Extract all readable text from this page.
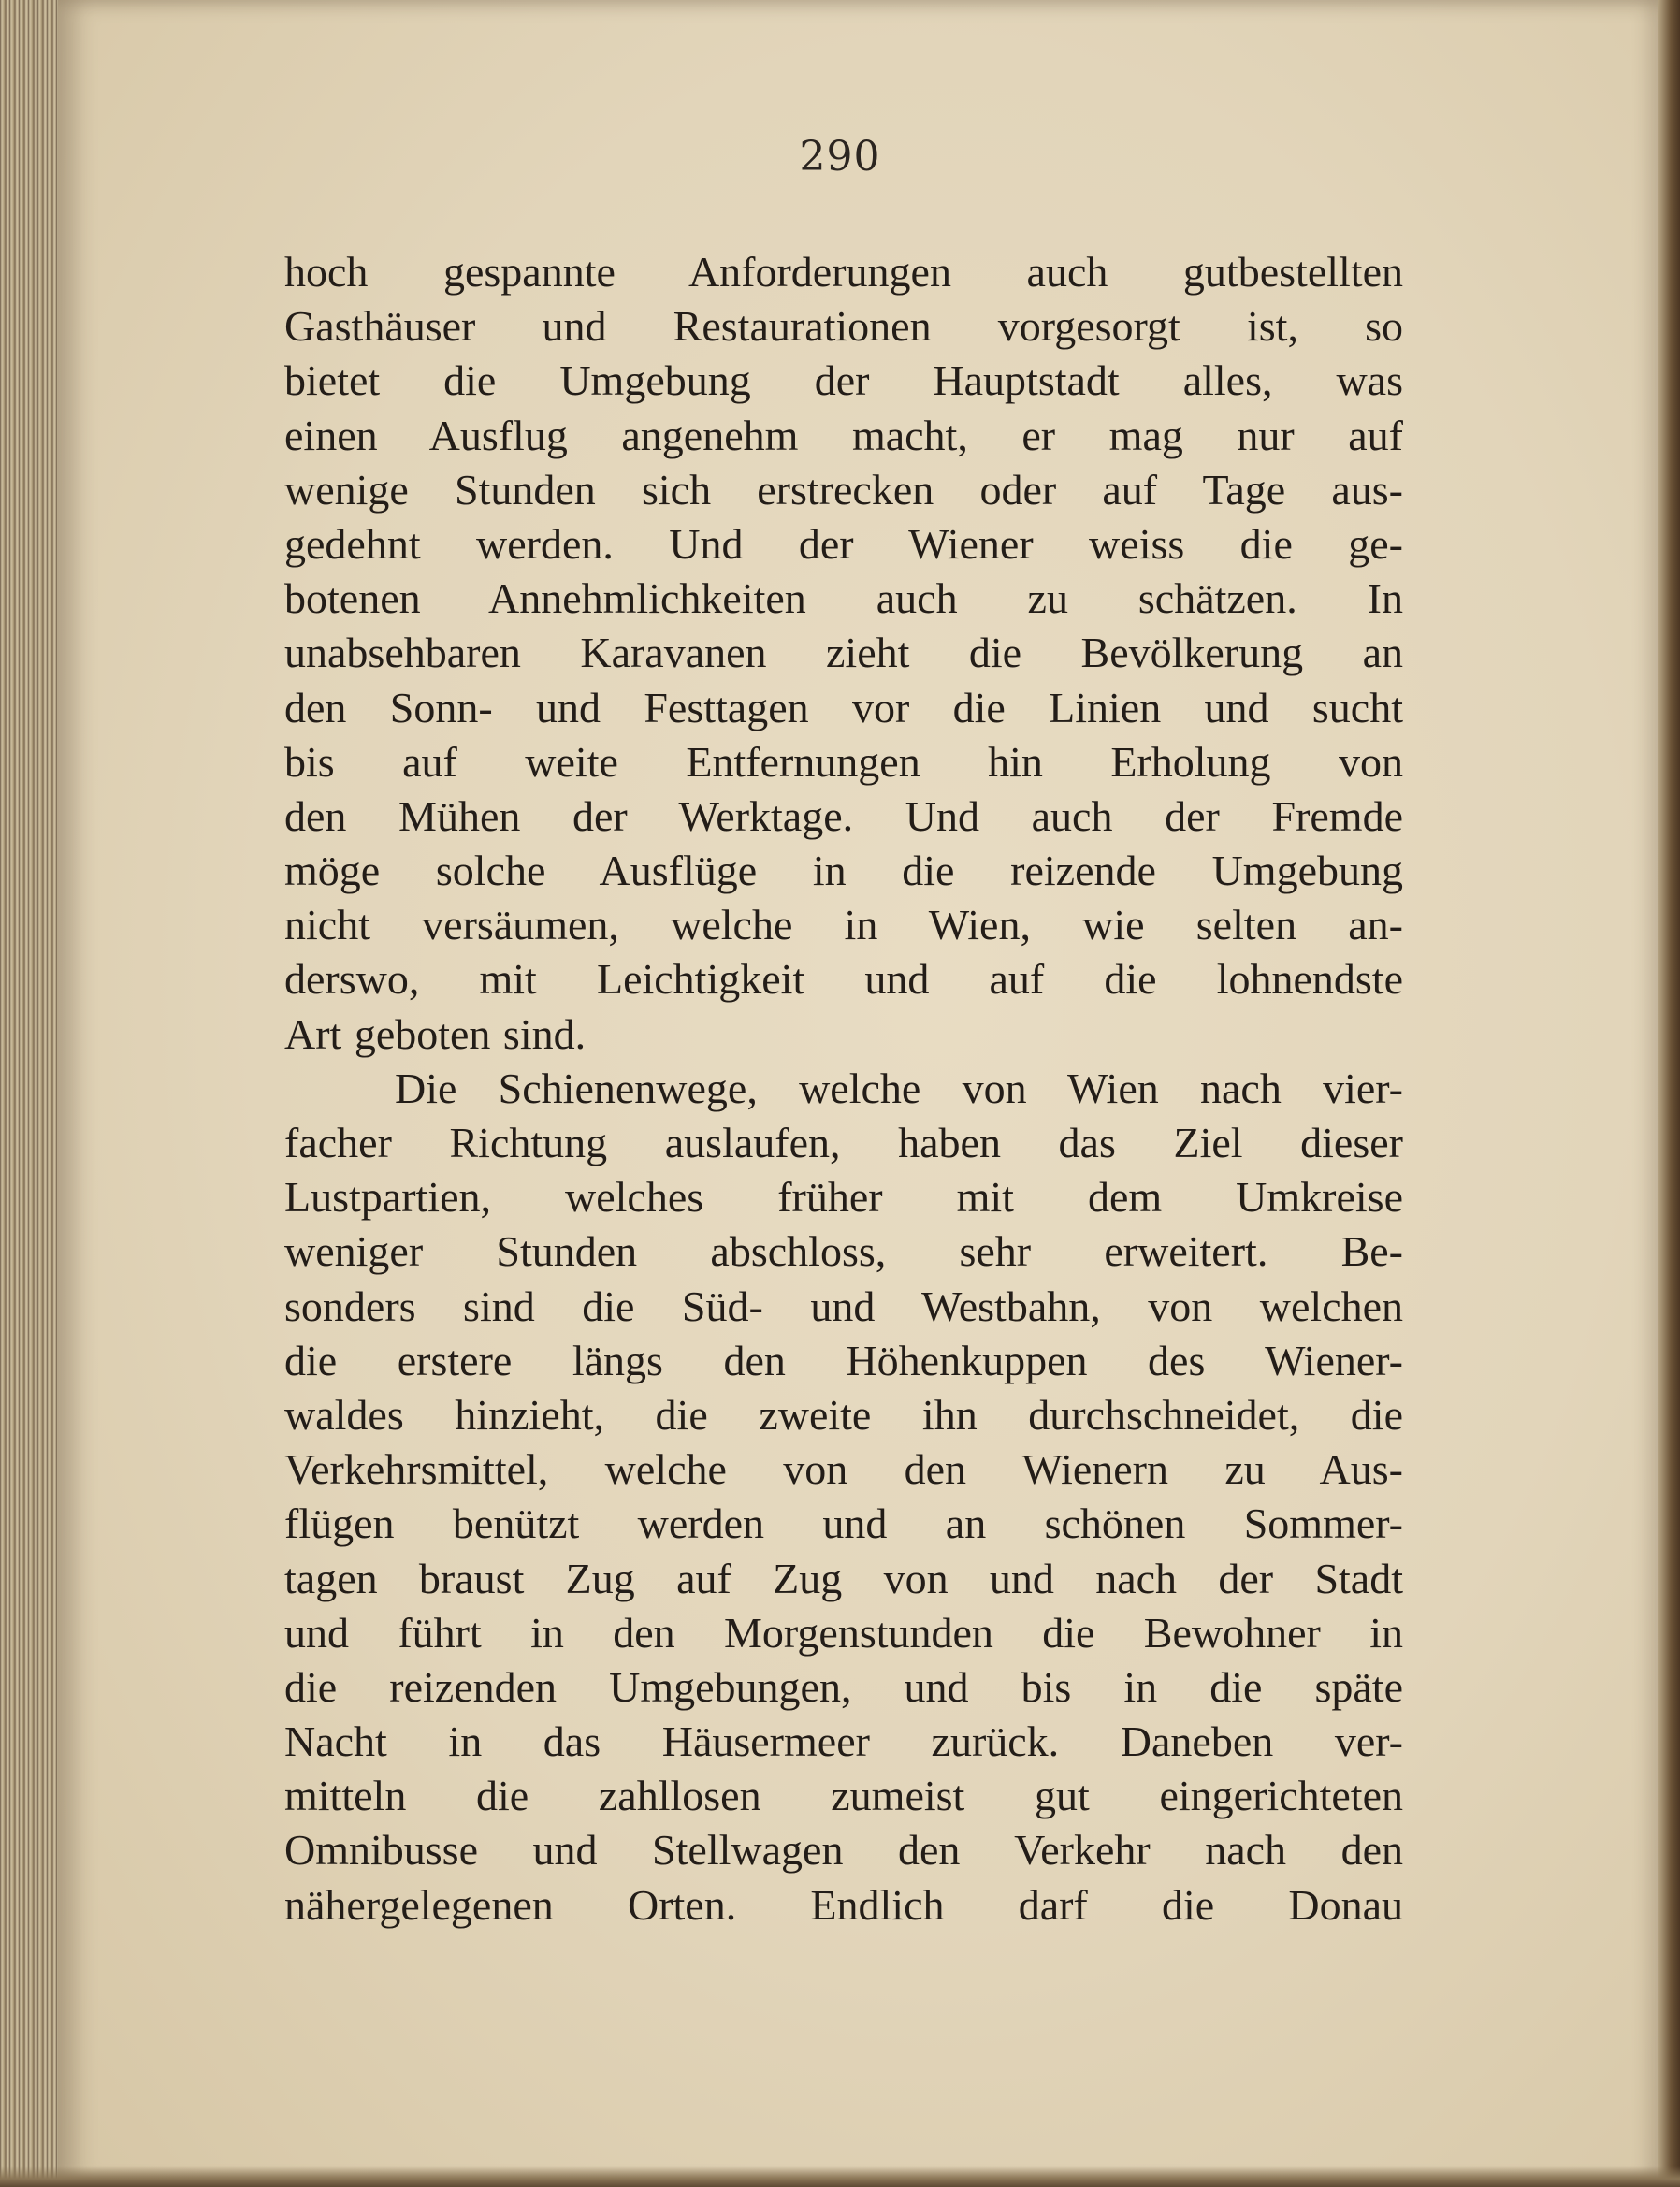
290
hoch gespannte Anforderungen auch gutbestellten
Gasthäuser und Restaurationen vorgesorgt ist, so
bietet die Umgebung der Hauptstadt alles, was
einen Ausflug angenehm macht, er mag nur auf
wenige Stunden sich erstrecken oder auf Tage aus-
gedehnt werden. Und der Wiener weiss die ge-
botenen Annehmlichkeiten auch zu schätzen. In
unabsehbaren Karavanen zieht die Bevölkerung an
den Sonn- und Festtagen vor die Linien und sucht
bis auf weite Entfernungen hin Erholung von
den Mühen der Werktage. Und auch der Fremde
möge solche Ausflüge in die reizende Umgebung
nicht versäumen, welche in Wien, wie selten an-
derswo, mit Leichtigkeit und auf die lohnendste
Art geboten sind.
Die Schienenwege, welche von Wien nach vier-
facher Richtung auslaufen, haben das Ziel dieser
Lustpartien, welches früher mit dem Umkreise
weniger Stunden abschloss, sehr erweitert. Be-
sonders sind die Süd- und Westbahn, von welchen
die erstere längs den Höhenkuppen des Wiener-
waldes hinzieht, die zweite ihn durchschneidet, die
Verkehrsmittel, welche von den Wienern zu Aus-
flügen benützt werden und an schönen Sommer-
tagen braust Zug auf Zug von und nach der Stadt
und führt in den Morgenstunden die Bewohner in
die reizenden Umgebungen, und bis in die späte
Nacht in das Häusermeer zurück. Daneben ver-
mitteln die zahllosen zumeist gut eingerichteten
Omnibusse und Stellwagen den Verkehr nach den
nähergelegenen Orten. Endlich darf die Donau
